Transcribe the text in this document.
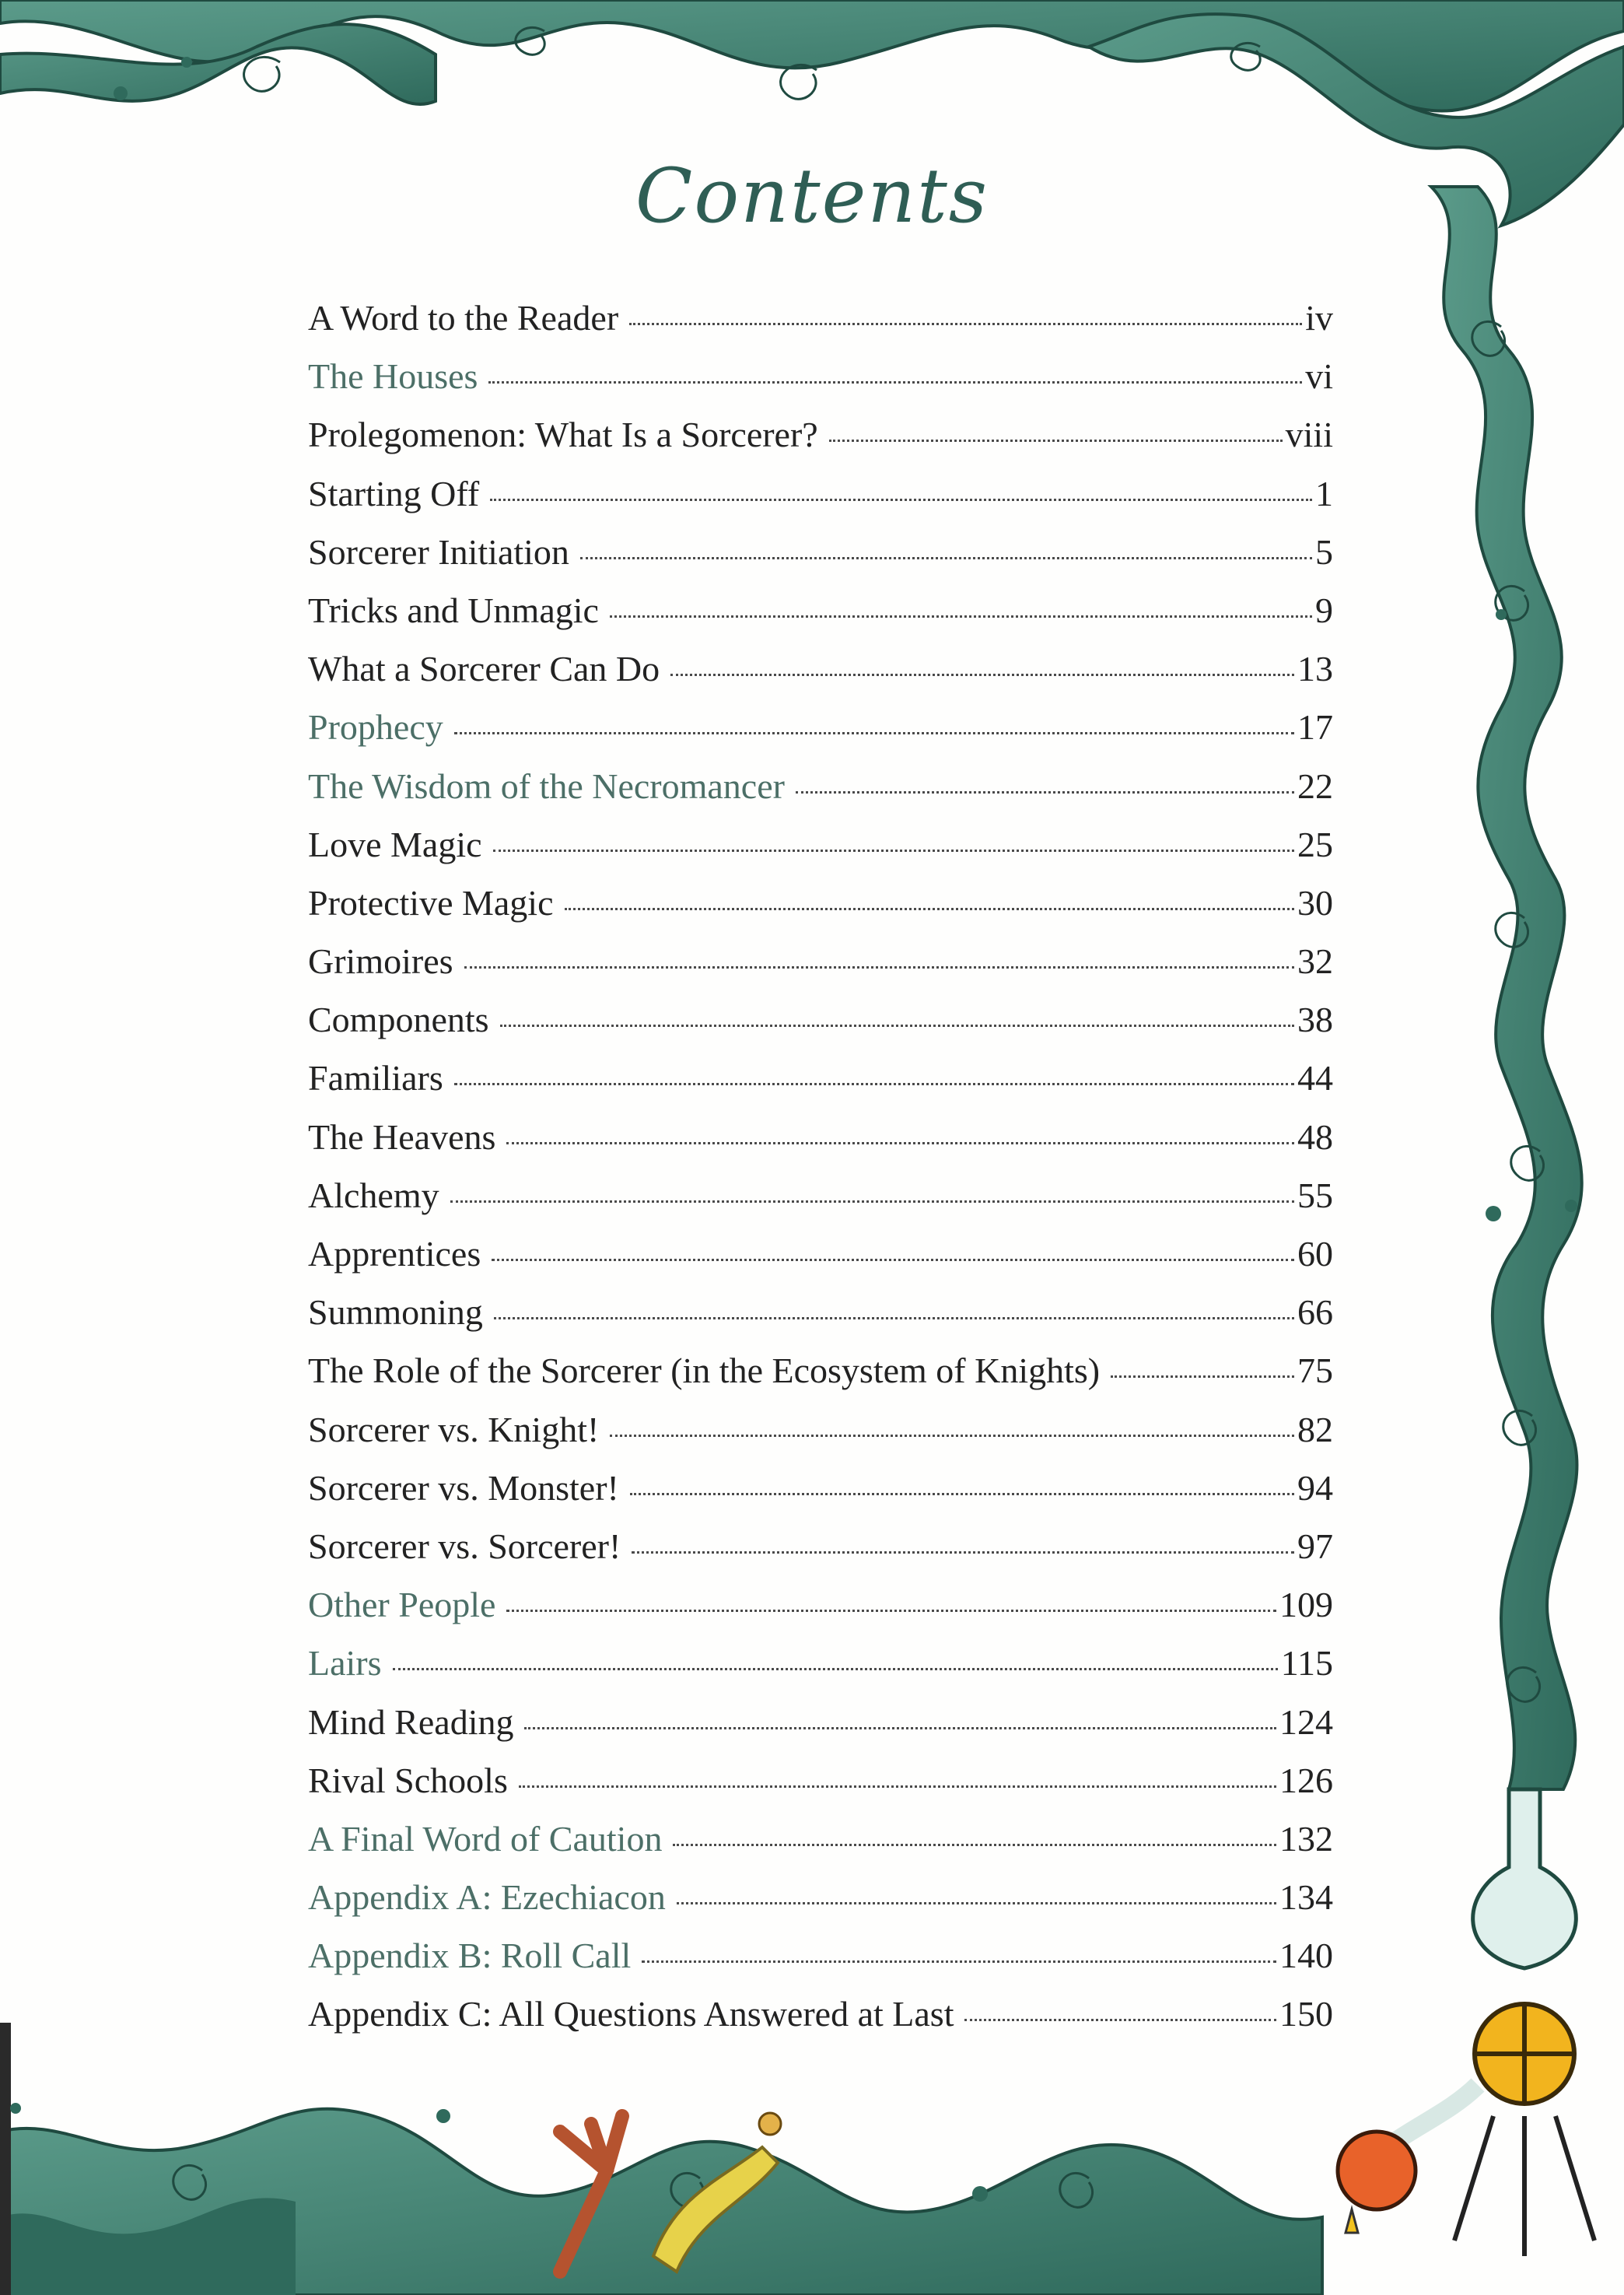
Contents
A Word to the Reader	iv
The Houses	vi
Prolegomenon: What Is a Sorcerer?	viii
Starting Off	1
Sorcerer Initiation	5
Tricks and Unmagic	9
What a Sorcerer Can Do	13
Prophecy	17
The Wisdom of the Necromancer	22
Love Magic	25
Protective Magic	30
Grimoires	32
Components	38
Familiars	44
The Heavens	48
Alchemy	55
Apprentices	60
Summoning	66
The Role of the Sorcerer (in the Ecosystem of Knights)	75
Sorcerer vs. Knight!	82
Sorcerer vs. Monster!	94
Sorcerer vs. Sorcerer!	97
Other People	109
Lairs	115
Mind Reading	124
Rival Schools	126
A Final Word of Caution	132
Appendix A: Ezechiacon	134
Appendix B: Roll Call	140
Appendix C: All Questions Answered at Last	150
